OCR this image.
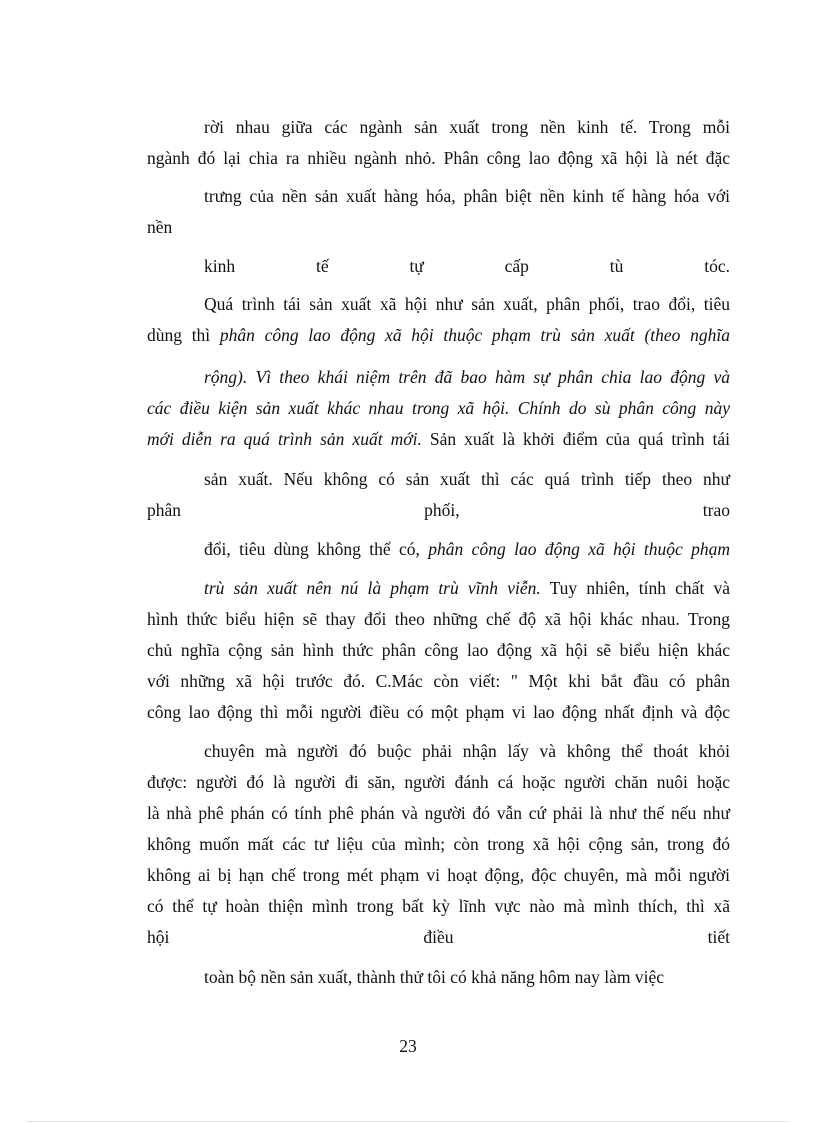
rời nhau giữa các ngành sản xuất trong nền kinh tế. Trong mỗi
ngành đó lại chia ra nhiều ngành nhỏ. Phân công lao động xã hội là nét đặc
trưng của nền sản xuất hàng hóa, phân biệt nền kinh tế hàng hóa với
nền
kinh tế tự cấp tù tóc.
Quá trình tái sản xuất xã hội như sản xuất, phân phối, trao đổi, tiêu
dùng thì phân công lao động xã hội thuộc phạm trù sản xuất (theo nghĩa
rộng). Vì theo khái niệm trên đã bao hàm sự phân chia lao động và
các điều kiện sản xuất khác nhau trong xã hội. Chính do sù phân công này
mới diễn ra quá trình sản xuất mới. Sản xuất là khởi điểm của quá trình tái
sản xuất. Nếu không có sản xuất thì các quá trình tiếp theo như
phân phối, trao
đổi, tiêu dùng không thể có, phân công lao động xã hội thuộc phạm
trù sản xuất nên nú là phạm trù vĩnh viễn. Tuy nhiên, tính chất và
hình thức biểu hiện sẽ thay đổi theo những chế độ xã hội khác nhau. Trong
chủ nghĩa cộng sản hình thức phân công lao động xã hội sẽ biểu hiện khác
với những xã hội trước đó. C.Mác còn viết: " Một khi bắt đầu có phân
công lao động thì mỗi người điều có một phạm vi lao động nhất định và độc
chuyên mà người đó buộc phải nhận lấy và không thể thoát khỏi
được: người đó là người đi săn, người đánh cá hoặc người chăn nuôi hoặc
là nhà phê phán có tính phê phán và người đó vẫn cứ phải là như thế nếu như
không muốn mất các tư liệu của mình; còn trong xã hội cộng sản, trong đó
không ai bị hạn chế trong mét phạm vi hoạt động, độc chuyên, mà mỗi người
có thể tự hoàn thiện mình trong bất kỳ lĩnh vực nào mà mình thích, thì xã
hội điều tiết
toàn bộ nền sản xuất, thành thử tôi có khả năng hôm nay làm việc
23
